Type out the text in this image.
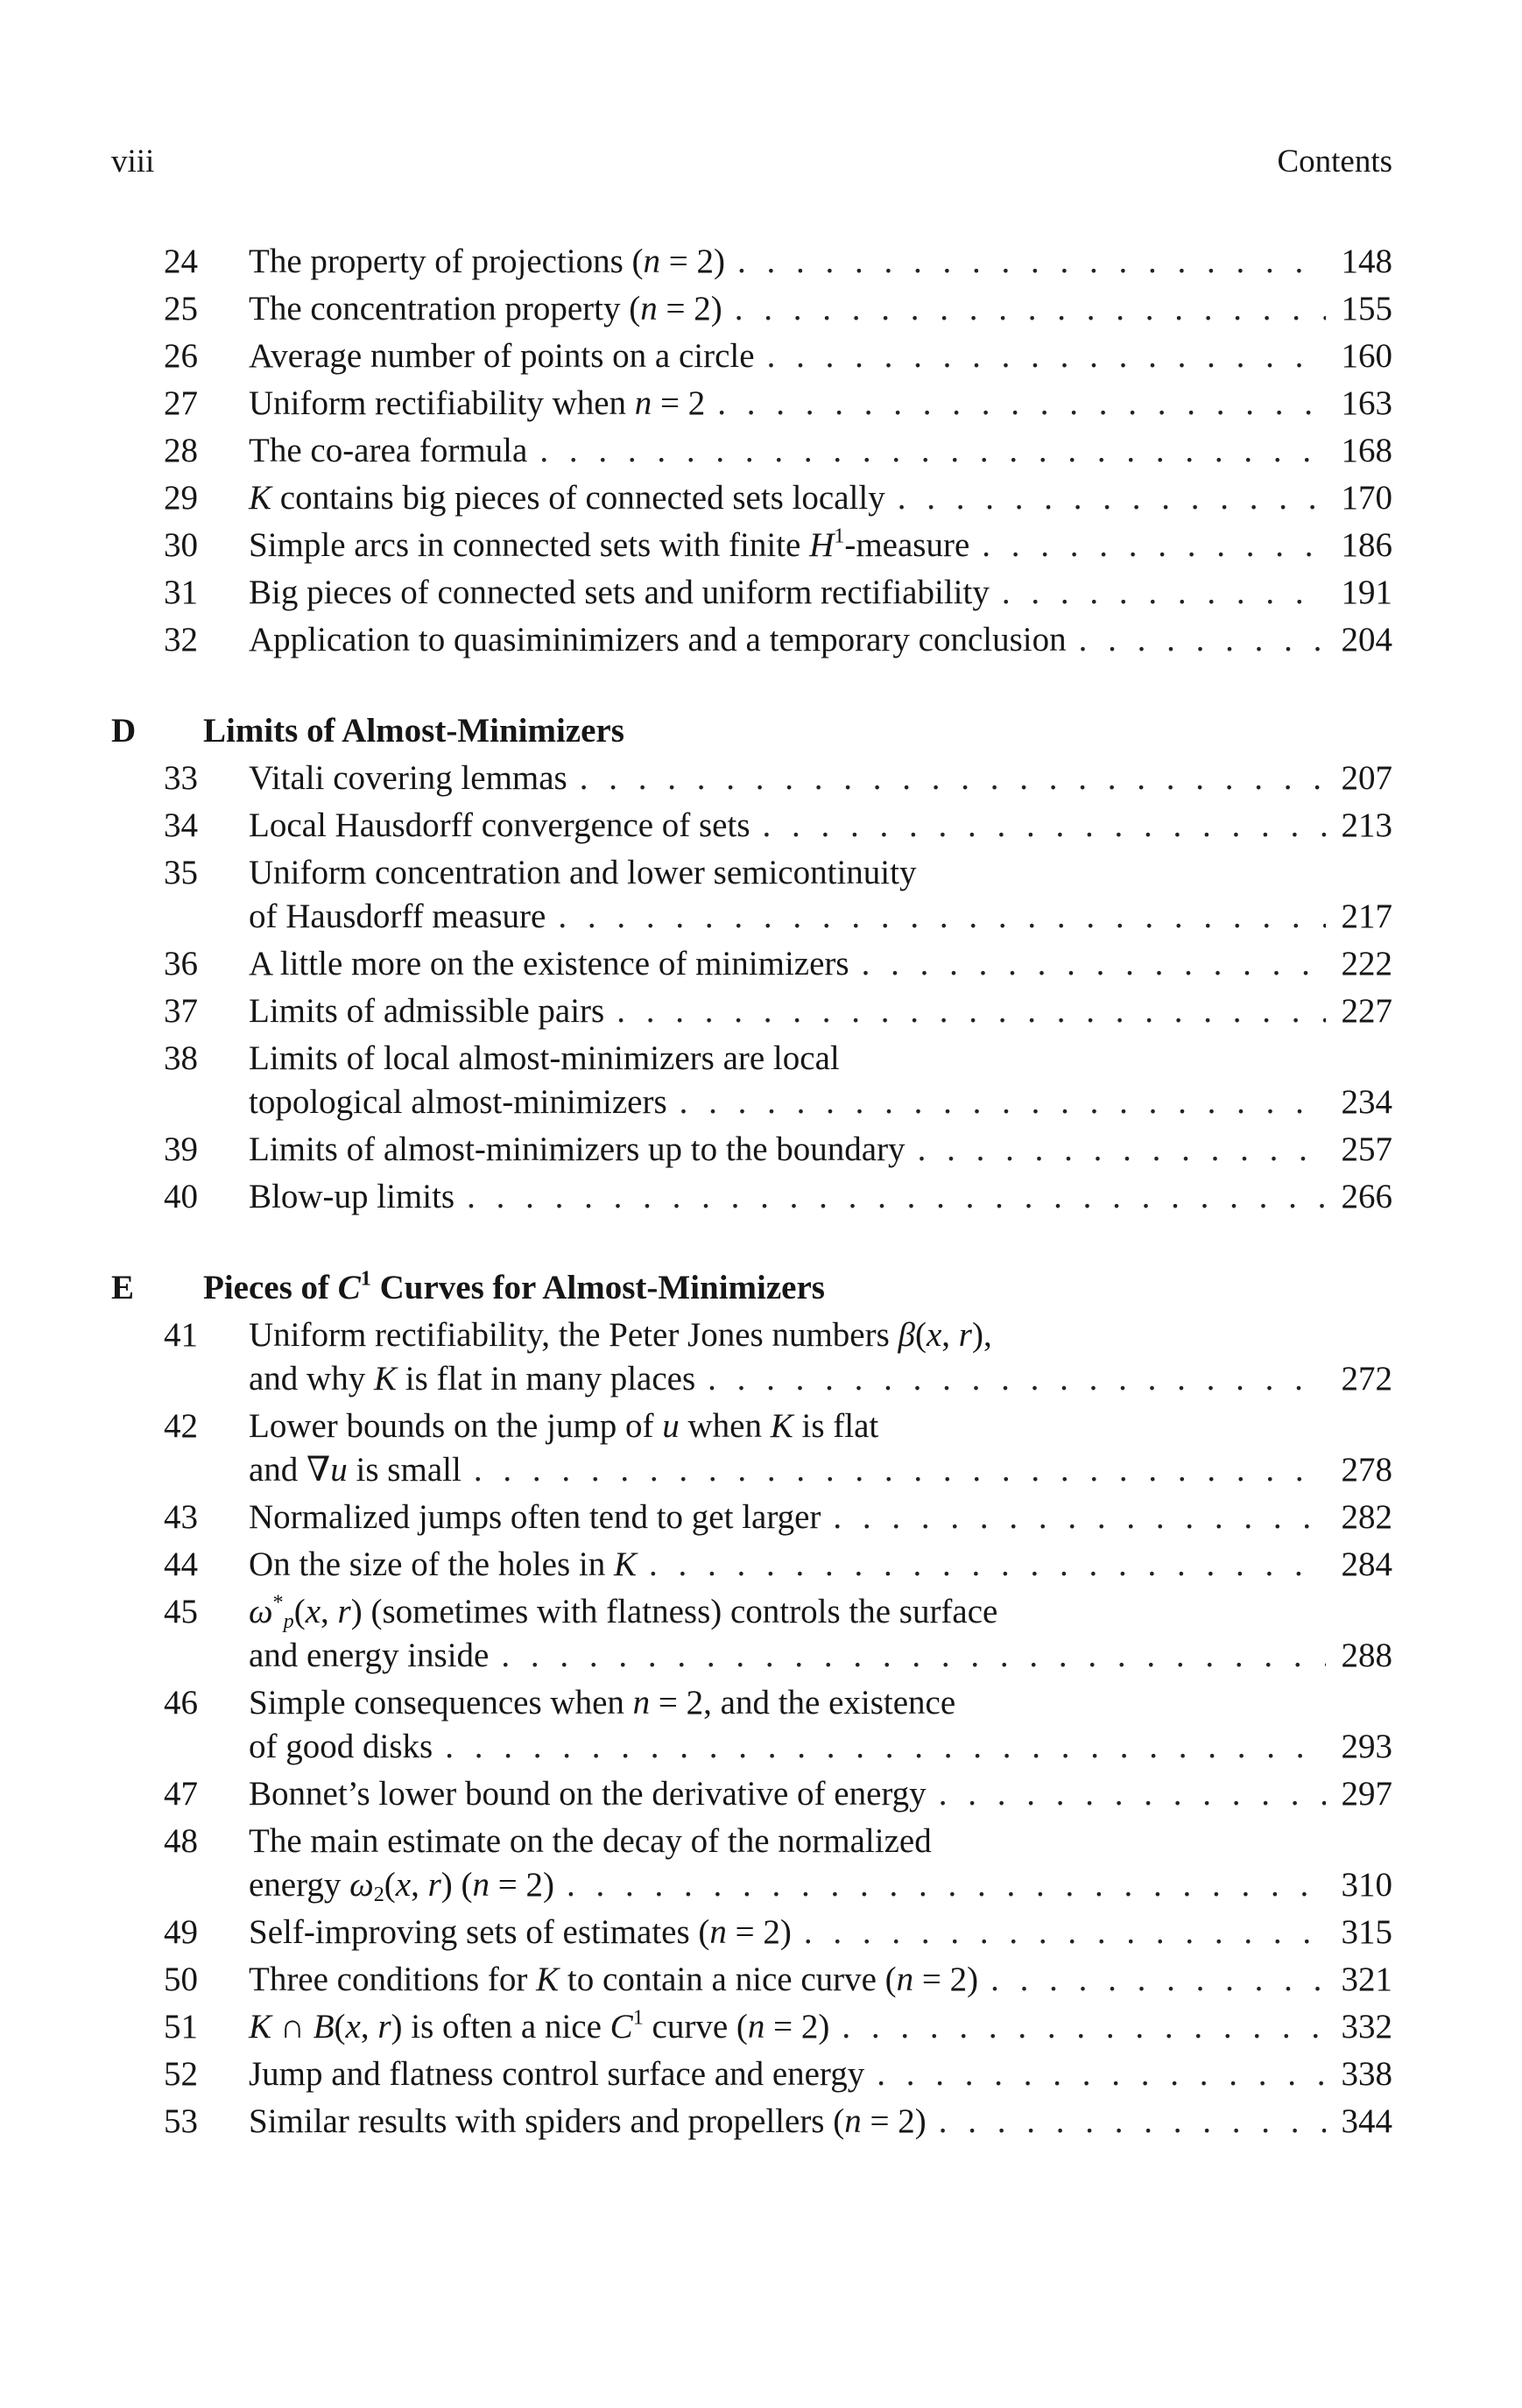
viii	Contents
24 The property of projections (n = 2) . . .	148
25 The concentration property (n = 2) . . .	155
26 Average number of points on a circle . . .	160
27 Uniform rectifiability when n = 2 . . .	163
28 The co-area formula . . .	168
29 K contains big pieces of connected sets locally . . .	170
30 Simple arcs in connected sets with finite $H^1$-measure . . .	186
31 Big pieces of connected sets and uniform rectifiability . . .	191
32 Application to quasiminimizers and a temporary conclusion . . .	204
D Limits of Almost-Minimizers
33 Vitali covering lemmas . . .	207
34 Local Hausdorff convergence of sets . . .	213
35 Uniform concentration and lower semicontinuity
of Hausdorff measure . . .	217
36 A little more on the existence of minimizers . . .	222
37 Limits of admissible pairs . . .	227
38 Limits of local almost-minimizers are local
topological almost-minimizers . . .	234
39 Limits of almost-minimizers up to the boundary . . .	257
40 Blow-up limits . . .	266
E Pieces of $C^1$ Curves for Almost-Minimizers
41 Uniform rectifiability, the Peter Jones numbers β(x, r),
and why K is flat in many places . . .	272
42 Lower bounds on the jump of u when K is flat
and ∇u is small . . .	278
43 Normalized jumps often tend to get larger . . .	282
44 On the size of the holes in K . . .	284
45 $\omega^*_p(x$, r) (sometimes with flatness) controls the surface
and energy inside . . .	288
46 Simple consequences when n = 2, and the existence
of good disks . . .	293
47 Bonnet’s lower bound on the derivative of energy . . .	297
48 The main estimate on the decay of the normalized
energy $\omega_2(x$, r) (n = 2) . . .	310
49 Self-improving sets of estimates (n = 2) . . .	315
50 Three conditions for K to contain a nice curve (n = 2) . . .	321
51 K ∩ B(x, r) is often a nice $C^1$ curve (n = 2) . . .	332
52 Jump and flatness control surface and energy . . .	338
53 Similar results with spiders and propellers (n = 2) . . .	344
